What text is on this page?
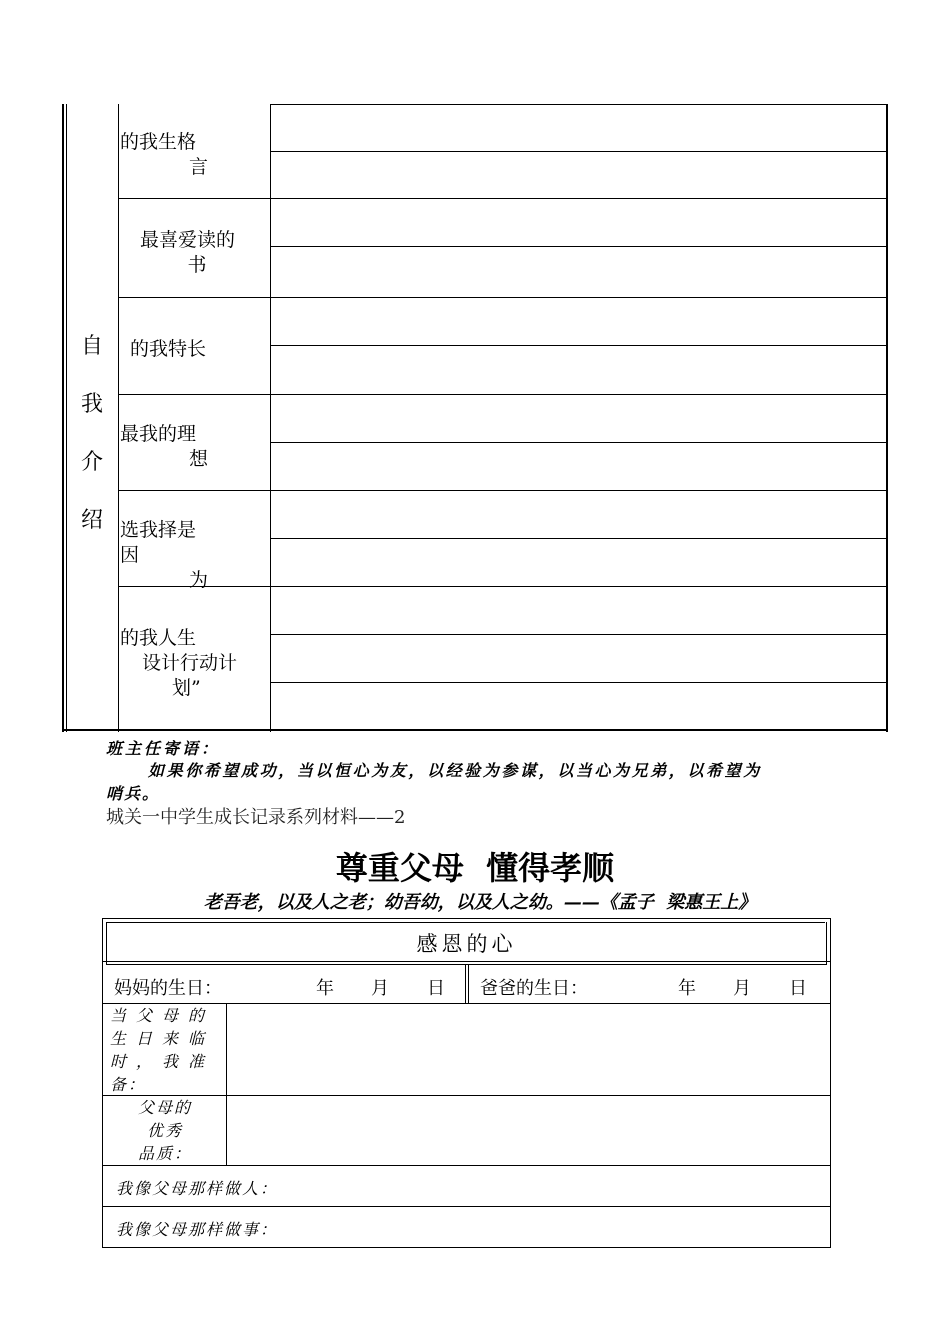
自
我
介
绍
的我生格
言
最喜爱读的
书
的我特长
最我的理
想
选我择是因
为
的我人生
设计行动计
划”
班主任寄语：
如果你希望成功，当以恒心为友，以经验为参谋，以当心为兄弟，以希望为
哨兵。
城关一中学生成长记录系列材料——2
尊重父母  懂得孝顺
老吾老，以及人之老；幼吾幼，以及人之幼。——《孟子  梁惠王上》
感恩的心
妈妈的生日：	年 月 日 爸爸的生日：	年 月 日
当父母的
生日来临
时，我准
备：
父母的
优秀
品质：
我像父母那样做人：
我像父母那样做事：
